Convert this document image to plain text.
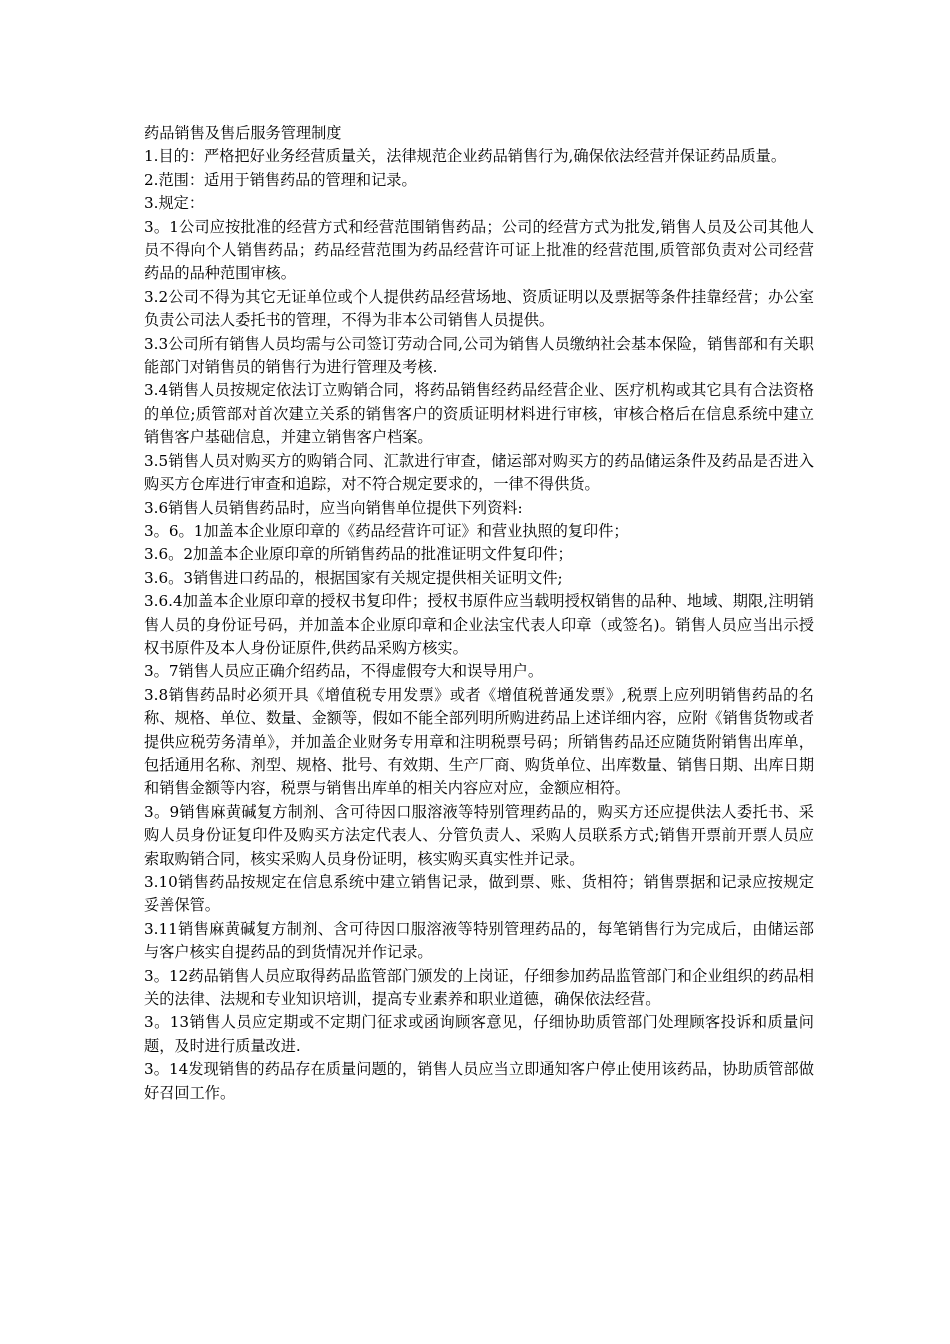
药品销售及售后服务管理制度

1.目的：严格把好业务经营质量关，法律规范企业药品销售行为,确保依法经营并保证药品质量。

2.范围：适用于销售药品的管理和记录。

3.规定：

3。1公司应按批准的经营方式和经营范围销售药品；公司的经营方式为批发,销售人员及公司其他人员不得向个人销售药品；药品经营范围为药品经营许可证上批准的经营范围,质管部负责对公司经营药品的品种范围审核。

3.2公司不得为其它无证单位或个人提供药品经营场地、资质证明以及票据等条件挂靠经营；办公室负责公司法人委托书的管理，不得为非本公司销售人员提供。

3.3公司所有销售人员均需与公司签订劳动合同,公司为销售人员缴纳社会基本保险，销售部和有关职能部门对销售员的销售行为进行管理及考核.

3.4销售人员按规定依法订立购销合同，将药品销售经药品经营企业、医疗机构或其它具有合法资格的单位;质管部对首次建立关系的销售客户的资质证明材料进行审核，审核合格后在信息系统中建立销售客户基础信息，并建立销售客户档案。

3.5销售人员对购买方的购销合同、汇款进行审查，储运部对购买方的药品储运条件及药品是否进入购买方仓库进行审查和追踪，对不符合规定要求的，一律不得供货。

3.6销售人员销售药品时，应当向销售单位提供下列资料:

3。6。1加盖本企业原印章的《药品经营许可证》和营业执照的复印件；

3.6。2加盖本企业原印章的所销售药品的批准证明文件复印件；

3.6。3销售进口药品的，根据国家有关规定提供相关证明文件;

3.6.4加盖本企业原印章的授权书复印件；授权书原件应当载明授权销售的品种、地域、期限,注明销售人员的身份证号码，并加盖本企业原印章和企业法宝代表人印章（或签名)。销售人员应当出示授权书原件及本人身份证原件,供药品采购方核实。

3。7销售人员应正确介绍药品，不得虚假夸大和误导用户。

3.8销售药品时必须开具《增值税专用发票》或者《增值税普通发票》,税票上应列明销售药品的名称、规格、单位、数量、金额等，假如不能全部列明所购进药品上述详细内容，应附《销售货物或者提供应税劳务清单》，并加盖企业财务专用章和注明税票号码；所销售药品还应随货附销售出库单，包括通用名称、剂型、规格、批号、有效期、生产厂商、购货单位、出库数量、销售日期、出库日期和销售金额等内容，税票与销售出库单的相关内容应对应，金额应相符。

3。9销售麻黄碱复方制剂、含可待因口服溶液等特别管理药品的，购买方还应提供法人委托书、采购人员身份证复印件及购买方法定代表人、分管负责人、采购人员联系方式;销售开票前开票人员应索取购销合同，核实采购人员身份证明，核实购买真实性并记录。

3.10销售药品按规定在信息系统中建立销售记录，做到票、账、货相符；销售票据和记录应按规定妥善保管。

3.11销售麻黄碱复方制剂、含可待因口服溶液等特别管理药品的，每笔销售行为完成后，由储运部与客户核实自提药品的到货情况并作记录。

3。12药品销售人员应取得药品监管部门颁发的上岗证，仔细参加药品监管部门和企业组织的药品相关的法律、法规和专业知识培训，提高专业素养和职业道德，确保依法经营。

3。13销售人员应定期或不定期门征求或函询顾客意见，仔细协助质管部门处理顾客投诉和质量问题，及时进行质量改进.

3。14发现销售的药品存在质量问题的，销售人员应当立即通知客户停止使用该药品，协助质管部做好召回工作。
